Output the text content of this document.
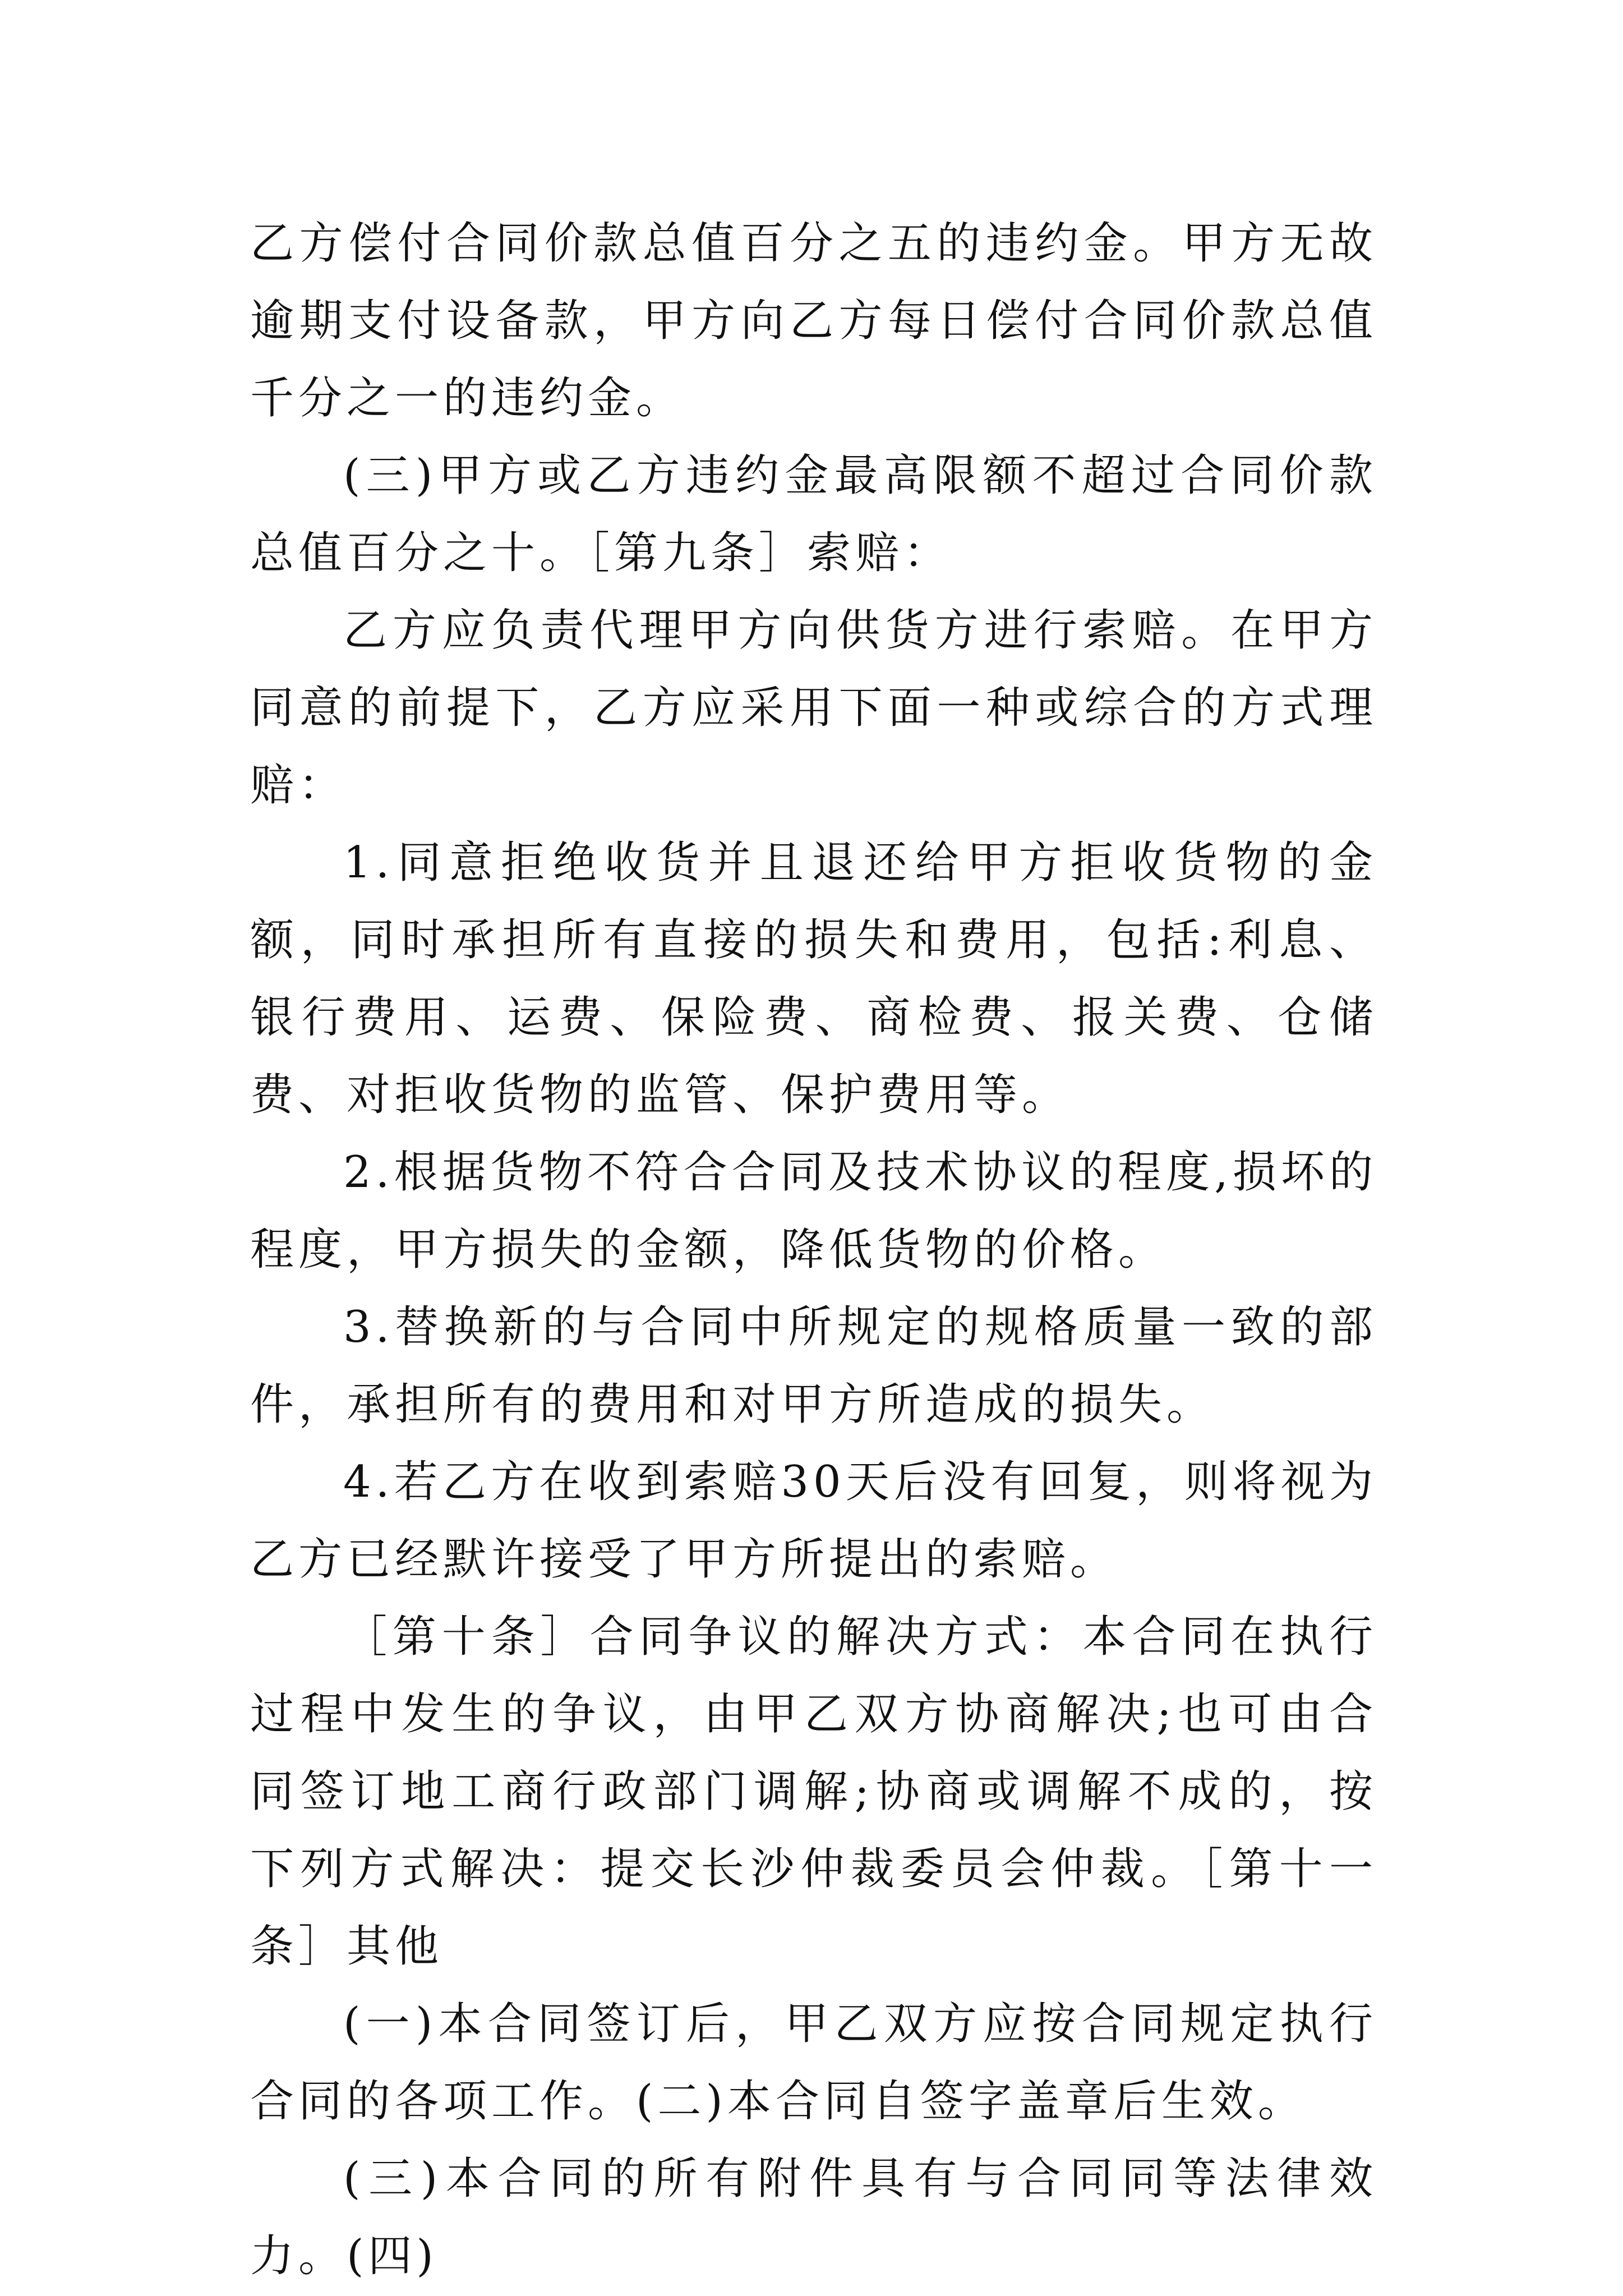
乙方偿付合同价款总值百分之五的违约金。甲方无故逾期支付设备款，甲方向乙方每日偿付合同价款总值千分之一的违约金。

(三)甲方或乙方违约金最高限额不超过合同价款总值百分之十。［第九条］索赔：

乙方应负责代理甲方向供货方进行索赔。在甲方同意的前提下，乙方应采用下面一种或综合的方式理赔：

1.同意拒绝收货并且退还给甲方拒收货物的金额，同时承担所有直接的损失和费用，包括:利息、银行费用、运费、保险费、商检费、报关费、仓储费、对拒收货物的监管、保护费用等。

2.根据货物不符合合同及技术协议的程度,损坏的程度，甲方损失的金额，降低货物的价格。

3.替换新的与合同中所规定的规格质量一致的部件，承担所有的费用和对甲方所造成的损失。

4.若乙方在收到索赔30天后没有回复，则将视为乙方已经默许接受了甲方所提出的索赔。

［第十条］合同争议的解决方式：本合同在执行过程中发生的争议，由甲乙双方协商解决;也可由合同签订地工商行政部门调解;协商或调解不成的，按下列方式解决：提交长沙仲裁委员会仲裁。［第十一条］其他

(一)本合同签订后，甲乙双方应按合同规定执行合同的各项工作。(二)本合同自签字盖章后生效。

(三)本合同的所有附件具有与合同同等法律效力。(四)
